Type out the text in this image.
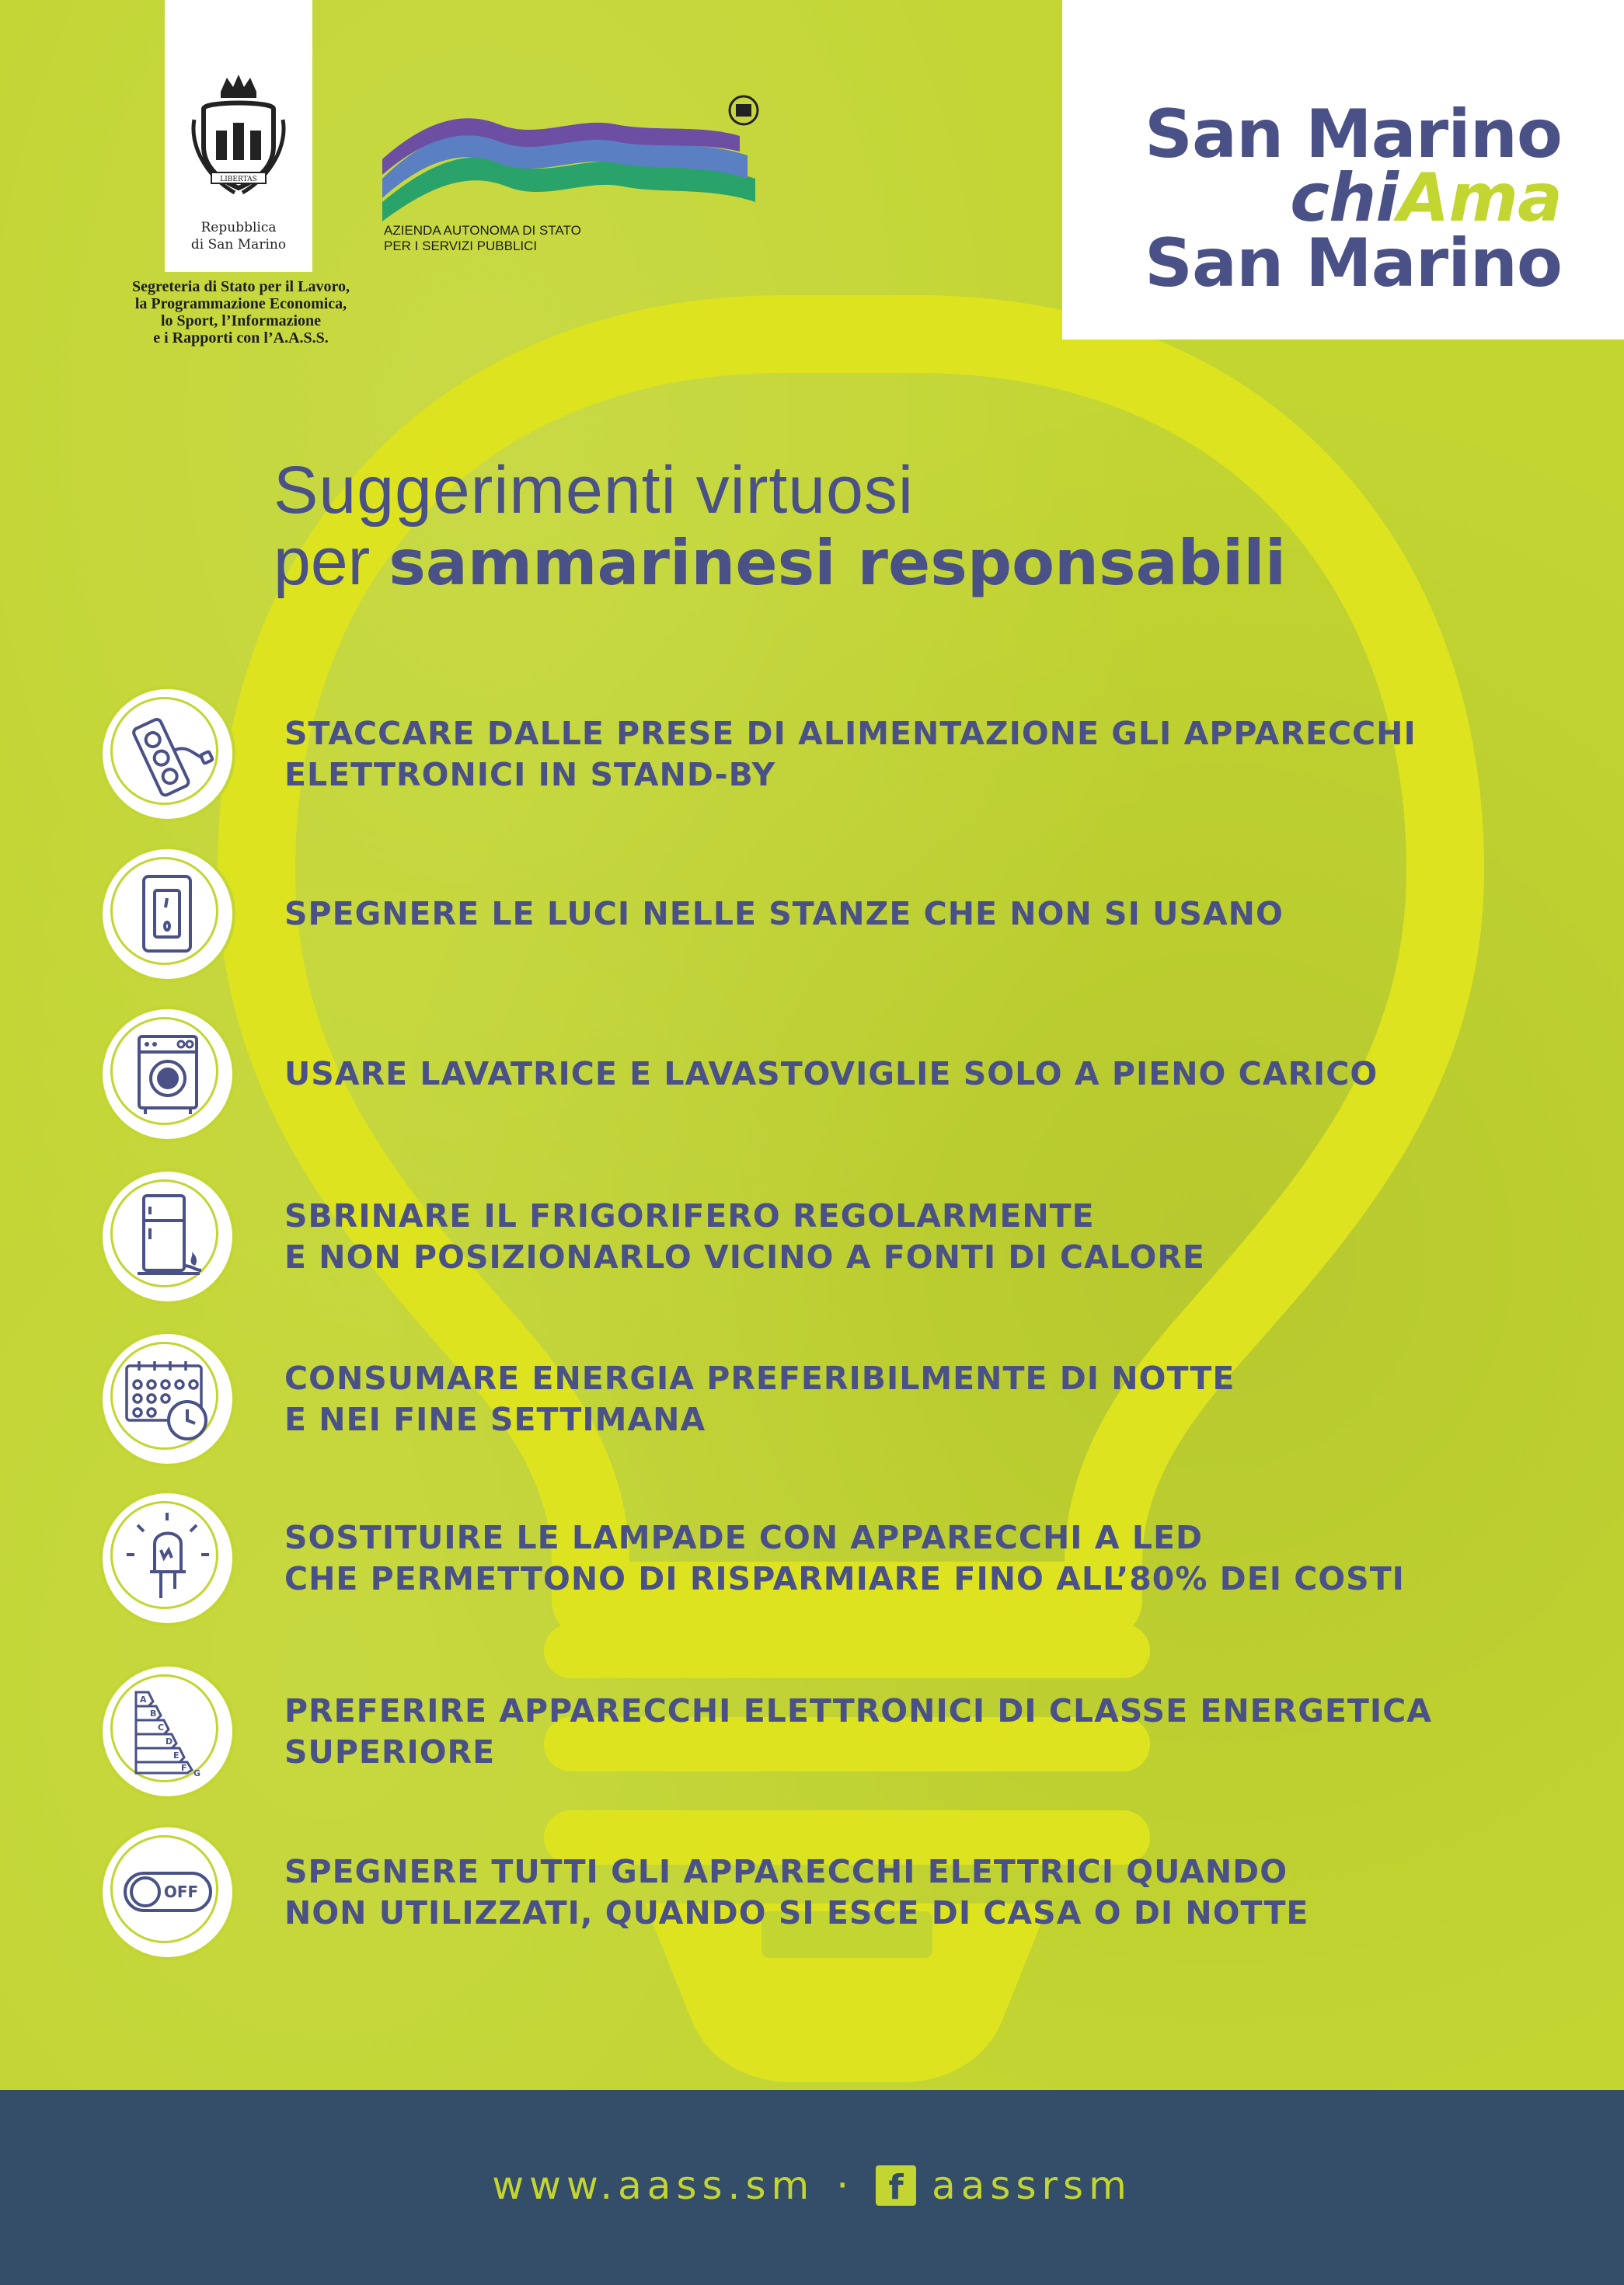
LIBERTAS
Repubblica
di San Marino
Segreteria di Stato per il Lavoro,
la Programmazione Economica,
lo Sport, l’Informazione
e i Rapporti con l’A.A.S.S.
AZIENDA AUTONOMA DI STATO
PER I SERVIZI PUBBLICI
San Marino
chiAma
San Marino
Suggerimenti virtuosi
per sammarinesi responsabili
STACCARE DALLE PRESE DI ALIMENTAZIONE GLI APPARECCHI
ELETTRONICI IN STAND-BY
SPEGNERE LE LUCI NELLE STANZE CHE NON SI USANO
USARE LAVATRICE E LAVASTOVIGLIE SOLO A PIENO CARICO
SBRINARE IL FRIGORIFERO REGOLARMENTE
E NON POSIZIONARLO VICINO A FONTI DI CALORE
CONSUMARE ENERGIA PREFERIBILMENTE DI NOTTE
E NEI FINE SETTIMANA
SOSTITUIRE LE LAMPADE CON APPARECCHI A LED
CHE PERMETTONO DI RISPARMIARE FINO ALL’80% DEI COSTI
A
B
C
D
E
F
G
PREFERIRE APPARECCHI ELETTRONICI DI CLASSE ENERGETICA
SUPERIORE
OFF
SPEGNERE TUTTI GLI APPARECCHI ELETTRICI QUANDO
NON UTILIZZATI, QUANDO SI ESCE DI CASA O DI NOTTE
www.aass.sm ·	f aassrsm
